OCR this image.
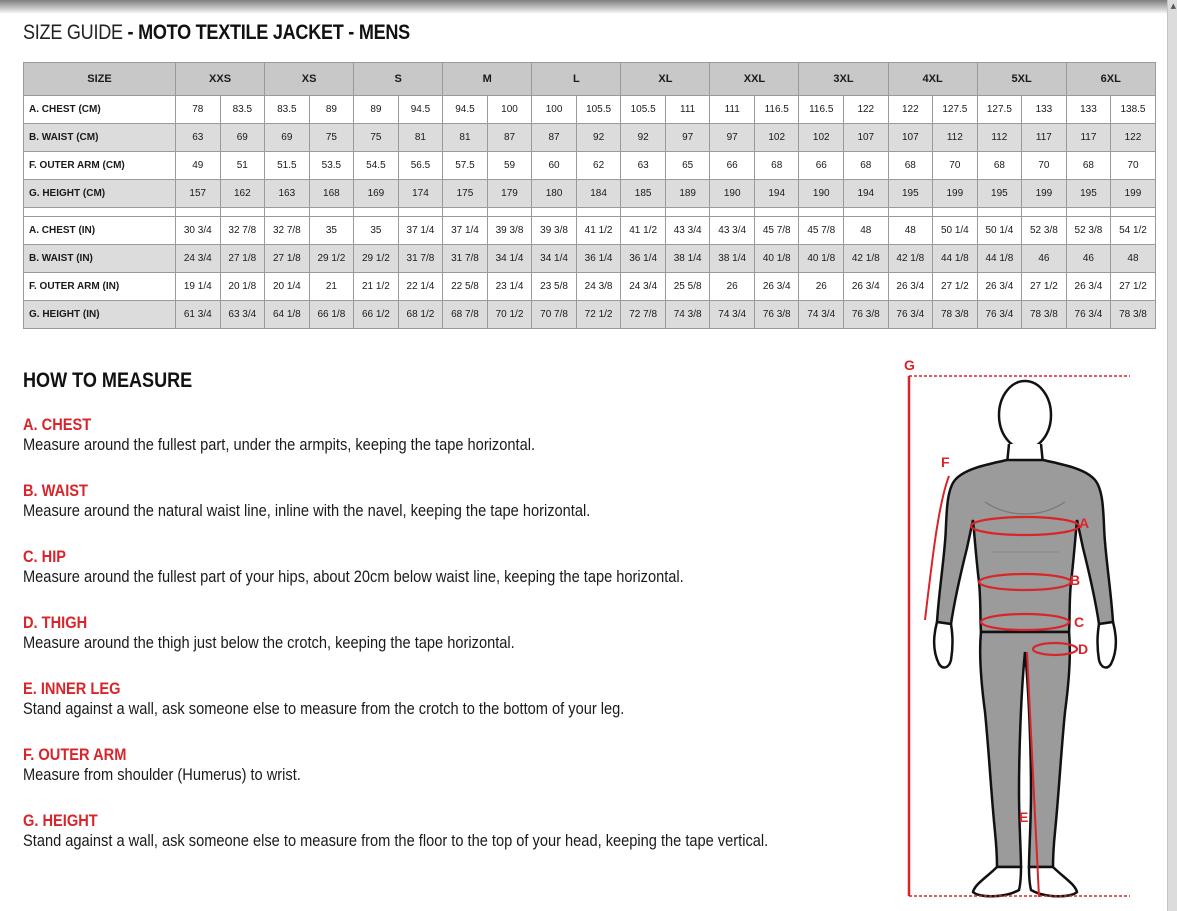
▲
SIZE GUIDE - MOTO TEXTILE JACKET - MENS
SIZE	XXS		XS		S		M		L		XL		XXL		3XL		4XL		5XL		6XL	
A. CHEST (CM)	78	83.5	83.5	89	89	94.5	94.5	100	100	105.5	105.5	111	111	116.5	116.5	122	122	127.5	127.5	133	133	138.5
B. WAIST (CM)	63	69	69	75	75	81	81	87	87	92	92	97	97	102	102	107	107	112	112	117	117	122
F. OUTER ARM (CM)	49	51	51.5	53.5	54.5	56.5	57.5	59	60	62	63	65	66	68	66	68	68	70	68	70	68	70
G. HEIGHT (CM)	157	162	163	168	169	174	175	179	180	184	185	189	190	194	190	194	195	199	195	199	195	199

A. CHEST (IN)	30 3/4	32 7/8	32 7/8	35	35	37 1/4	37 1/4	39 3/8	39 3/8	41 1/2	41 1/2	43 3/4	43 3/4	45 7/8	45 7/8	48	48	50 1/4	50 1/4	52 3/8	52 3/8	54 1/2
B. WAIST (IN)	24 3/4	27 1/8	27 1/8	29 1/2	29 1/2	31 7/8	31 7/8	34 1/4	34 1/4	36 1/4	36 1/4	38 1/4	38 1/4	40 1/8	40 1/8	42 1/8	42 1/8	44 1/8	44 1/8	46	46	48
F. OUTER ARM (IN)	19 1/4	20 1/8	20 1/4	21	21 1/2	22 1/4	22 5/8	23 1/4	23 5/8	24 3/8	24 3/4	25 5/8	26	26 3/4	26	26 3/4	26 3/4	27 1/2	26 3/4	27 1/2	26 3/4	27 1/2
G. HEIGHT (IN)	61 3/4	63 3/4	64 1/8	66 1/8	66 1/2	68 1/2	68 7/8	70 1/2	70 7/8	72 1/2	72 7/8	74 3/8	74 3/4	76 3/8	74 3/4	76 3/8	76 3/4	78 3/8	76 3/4	78 3/8	76 3/4	78 3/8
HOW TO MEASURE
A. CHEST
Measure around the fullest part, under the armpits, keeping the tape horizontal.
B. WAIST
Measure around the natural waist line, inline with the navel, keeping the tape horizontal.
C. HIP
Measure around the fullest part of your hips, about 20cm below waist line, keeping the tape horizontal.
D. THIGH
Measure around the thigh just below the crotch, keeping the tape horizontal.
E. INNER LEG
Stand against a wall, ask someone else to measure from the crotch to the bottom of your leg.
F. OUTER ARM
Measure from shoulder (Humerus) to wrist.
G. HEIGHT
Stand against a wall, ask someone else to measure from the floor to the top of your head, keeping the tape vertical.
G
F
A
B
C
D
E
